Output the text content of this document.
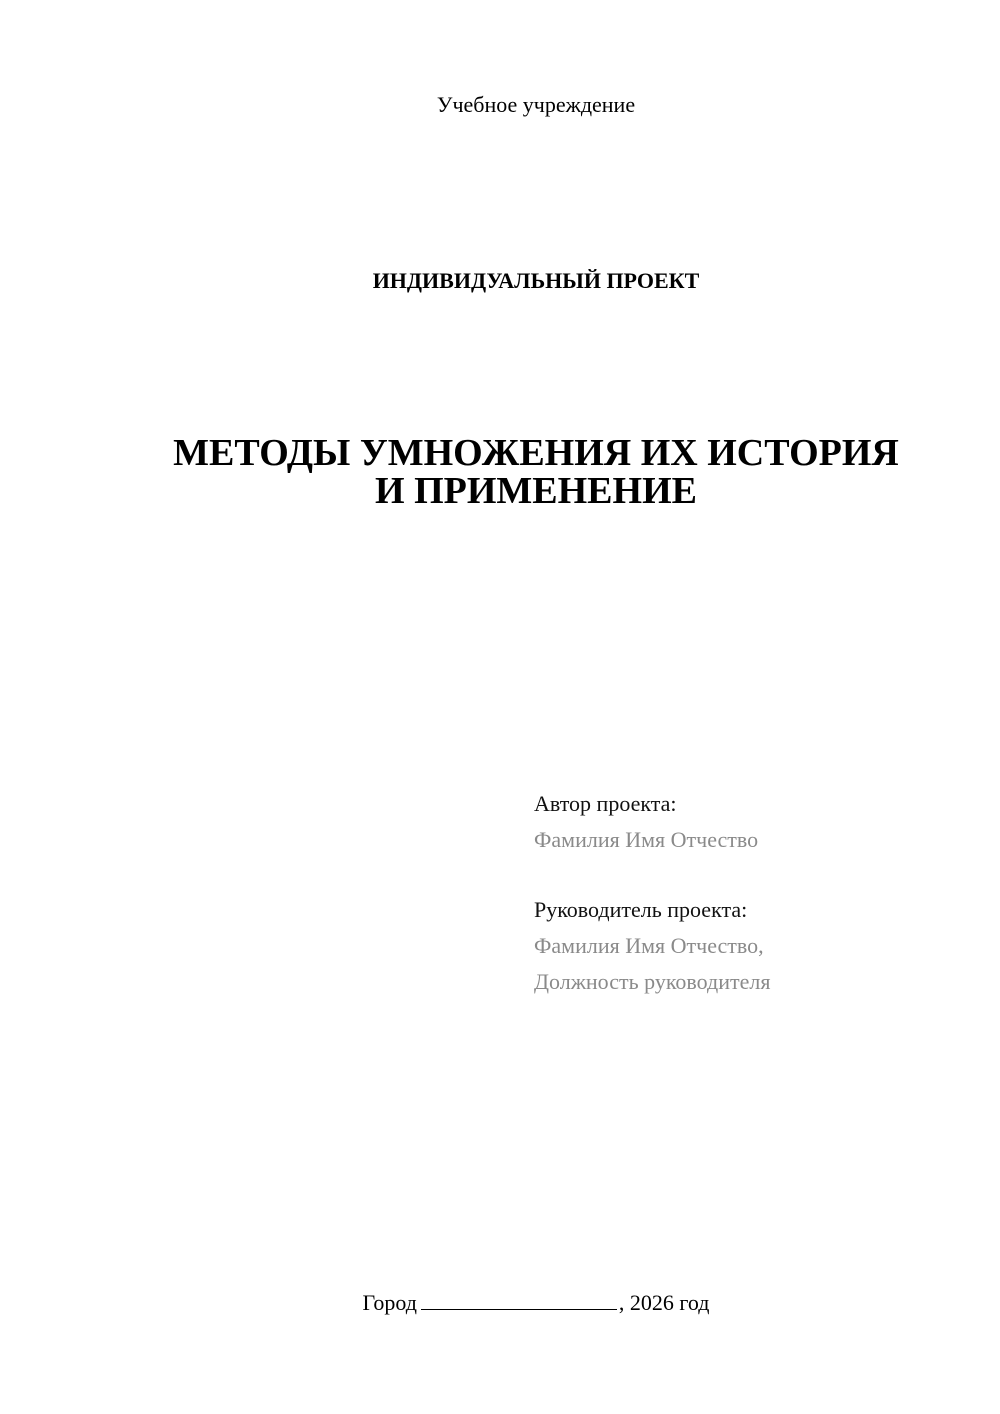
Учебное учреждение
ИНДИВИДУАЛЬНЫЙ ПРОЕКТ
МЕТОДЫ УМНОЖЕНИЯ ИХ ИСТОРИЯ
И ПРИМЕНЕНИЕ
Автор проекта:
Фамилия Имя Отчество
Руководитель проекта:
Фамилия Имя Отчество,
Должность руководителя
Город	, 2026 год
